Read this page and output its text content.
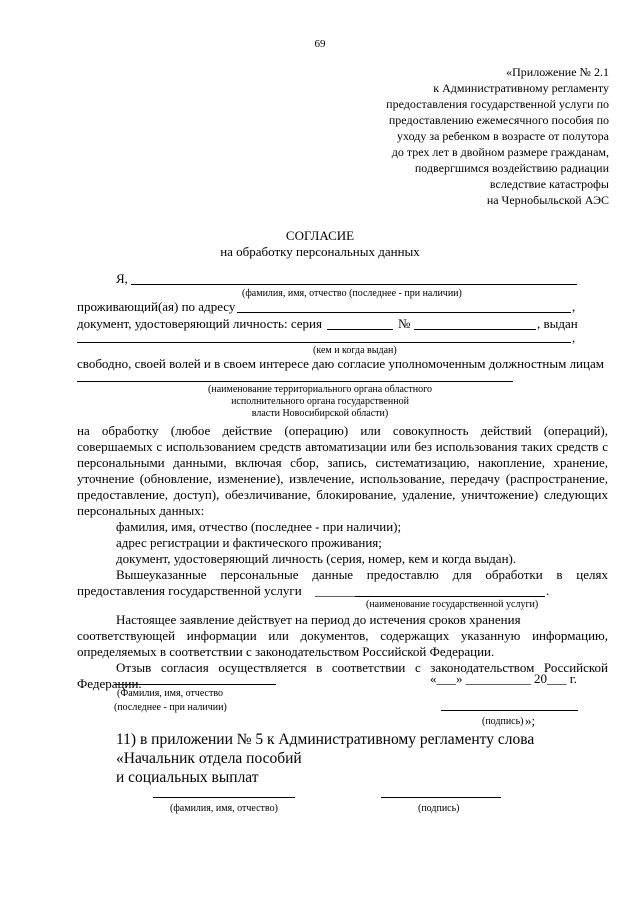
69
«Приложение № 2.1
к Административному регламенту
предоставления государственной услуги по
предоставлению ежемесячного пособия по
уходу за ребенком в возрасте от полутора
до трех лет в двойном размере гражданам,
подвергшимся воздействию радиации
вследствие катастрофы
на Чернобыльской АЭС
СОГЛАСИЕ
на обработку персональных данных
Я,
(фамилия, имя, отчество (последнее - при наличии)
проживающий(ая) по адресу	,
документ, удостоверяющий личность: серия	№	, выдан
,
(кем и когда выдан)
свободно, своей волей и в своем интересе даю согласие уполномоченным должностным лицам
(наименование территориального органа областного
исполнительного органа государственной
власти Новосибирской области)
на обработку (любое действие (операцию) или совокупность действий (операций),
совершаемых с использованием средств автоматизации или без использования таких средств с
персональными данными, включая сбор, запись, систематизацию, накопление, хранение,
уточнение (обновление, изменение), извлечение, использование, передачу (распространение,
предоставление, доступ), обезличивание, блокирование, удаление, уничтожение) следующих
персональных данных:
фамилия, имя, отчество (последнее - при наличии);
адрес регистрации и фактического проживания;
документ, удостоверяющий личность (серия, номер, кем и когда выдан).
Вышеуказанные персональные данные предоставлю для обработки в целях
предоставления государственной услуги ________	.
(наименование государственной услуги)
Настоящее заявление действует на период до истечения сроков хранения
соответствующей информации или документов, содержащих указанную информацию,
определяемых в соответствии с законодательством Российской Федерации.
Отзыв согласия осуществляется в соответствии с законодательством Российской
Федерации.	«___» __________ 20___ г.
(Фамилия, имя, отчество
(последнее - при наличии)
(подпись) »;
11) в приложении № 5 к Административному регламенту слова
«Начальник отдела пособий
и социальных выплат
(фамилия, имя, отчество)	(подпись)
